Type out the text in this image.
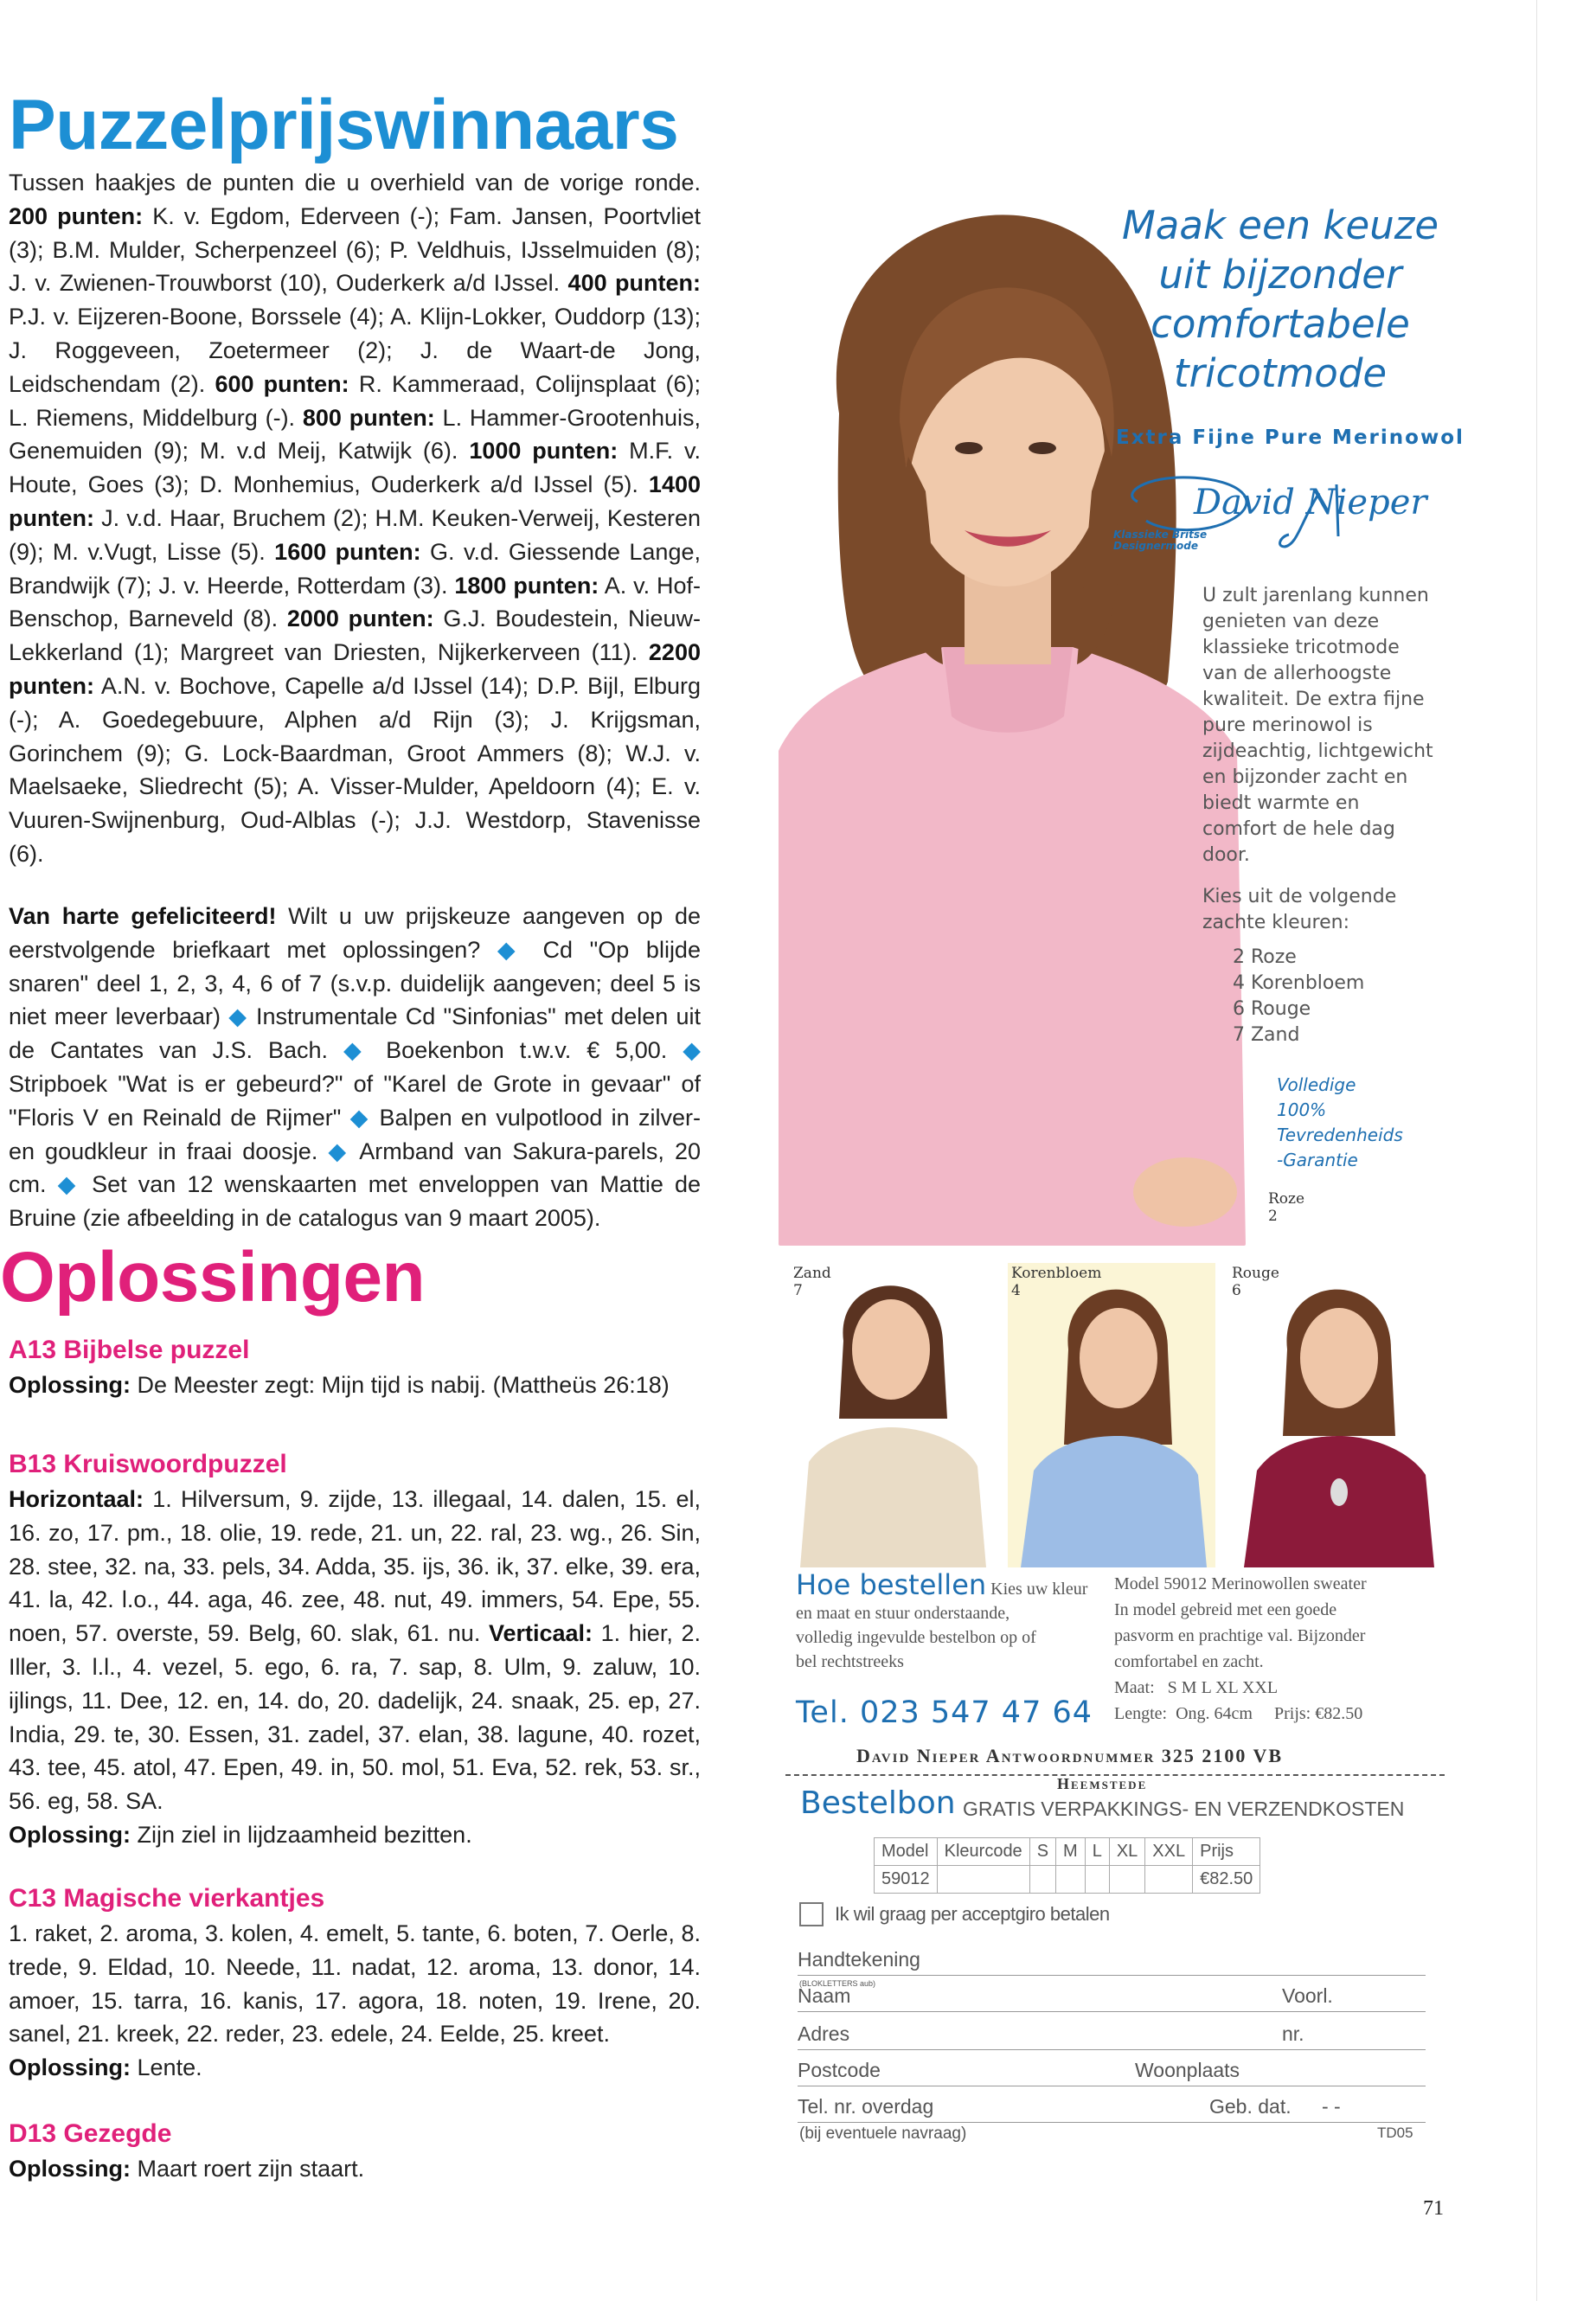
Puzzelprijswinnaars
Tussen haakjes de punten die u overhield van de vorige ronde. 200 punten: K. v. Egdom, Ederveen (-); Fam. Jansen, Poortvliet (3); B.M. Mulder, Scherpenzeel (6); P. Veldhuis, IJsselmuiden (8); J. v. Zwienen-Trouwborst (10), Ouderkerk a/d IJssel. 400 punten: P.J. v. Eijzeren-Boone, Borssele (4); A. Klijn-Lokker, Ouddorp (13); J. Roggeveen, Zoetermeer (2); J. de Waart-de Jong, Leidschendam (2). 600 punten: R. Kammeraad, Colijnsplaat (6); L. Riemens, Middelburg (-). 800 punten: L. Hammer-Grootenhuis, Genemuiden (9); M. v.d Meij, Katwijk (6). 1000 punten: M.F. v. Houte, Goes (3); D. Monhemius, Ouderkerk a/d IJssel (5). 1400 punten: J. v.d. Haar, Bruchem (2); H.M. Keuken-Verweij, Kesteren (9); M. v.Vugt, Lisse (5). 1600 punten: G. v.d. Giessende Lange, Brandwijk (7); J. v. Heerde, Rotterdam (3). 1800 punten: A. v. Hof-Benschop, Barneveld (8). 2000 punten: G.J. Boudestein, Nieuw-Lekkerland (1); Margreet van Driesten, Nijkerkerveen (11). 2200 punten: A.N. v. Bochove, Capelle a/d IJssel (14); D.P. Bijl, Elburg (-); A. Goedegebuure, Alphen a/d Rijn (3); J. Krijgsman, Gorinchem (9); G. Lock-Baardman, Groot Ammers (8); W.J. v. Maelsaeke, Sliedrecht (5); A. Visser-Mulder, Apeldoorn (4); E. v. Vuuren-Swijnenburg, Oud-Alblas (-); J.J. Westdorp, Stavenisse (6).
Van harte gefeliciteerd! Wilt u uw prijskeuze aangeven op de eerstvolgende briefkaart met oplossingen? ◆ Cd "Op blijde snaren" deel 1, 2, 3, 4, 6 of 7 (s.v.p. duidelijk aangeven; deel 5 is niet meer leverbaar) ◆ Instrumentale Cd "Sinfonias" met delen uit de Cantates van J.S. Bach. ◆ Boekenbon t.w.v. € 5,00. ◆ Stripboek "Wat is er gebeurd?" of "Karel de Grote in gevaar" of "Floris V en Reinald de Rijmer" ◆ Balpen en vulpotlood in zilver- en goudkleur in fraai doosje. ◆ Armband van Sakura-parels, 20 cm. ◆ Set van 12 wenskaarten met enveloppen van Mattie de Bruine (zie afbeelding in de catalogus van 9 maart 2005).
Oplossingen
A13 Bijbelse puzzel
Oplossing: De Meester zegt: Mijn tijd is nabij. (Mattheüs 26:18)
B13 Kruiswoordpuzzel
Horizontaal: 1. Hilversum, 9. zijde, 13. illegaal, 14. dalen, 15. el, 16. zo, 17. pm., 18. olie, 19. rede, 21. un, 22. ral, 23. wg., 26. Sin, 28. stee, 32. na, 33. pels, 34. Adda, 35. ijs, 36. ik, 37. elke, 39. era, 41. la, 42. l.o., 44. aga, 46. zee, 48. nut, 49. immers, 54. Epe, 55. noen, 57. overste, 59. Belg, 60. slak, 61. nu. Verticaal: 1. hier, 2. Iller, 3. l.l., 4. vezel, 5. ego, 6. ra, 7. sap, 8. Ulm, 9. zaluw, 10. ijlings, 11. Dee, 12. en, 14. do, 20. dadelijk, 24. snaak, 25. ep, 27. India, 29. te, 30. Essen, 31. zadel, 37. elan, 38. lagune, 40. rozet, 43. tee, 45. atol, 47. Epen, 49. in, 50. mol, 51. Eva, 52. rek, 53. sr., 56. eg, 58. SA.
Oplossing: Zijn ziel in lijdzaamheid bezitten.
C13 Magische vierkantjes
1. raket, 2. aroma, 3. kolen, 4. emelt, 5. tante, 6. boten, 7. Oerle, 8. trede, 9. Eldad, 10. Neede, 11. nadat, 12. aroma, 13. donor, 14. amoer, 15. tarra, 16. kanis, 17. agora, 18. noten, 19. Irene, 20. sanel, 21. kreek, 22. reder, 23. edele, 24. Eelde, 25. kreet.
Oplossing: Lente.
D13 Gezegde
Oplossing: Maart roert zijn staart.
Roze
2
Maak een keuze
uit bijzonder
comfortabele
tricotmode
Extra Fijne Pure Merinowol
David Nieper
Klassieke Britse
Designermode
U zult jarenlang kunnen
genieten van deze
klassieke tricotmode
van de allerhoogste
kwaliteit. De extra fijne
pure merinowol is
zijdeachtig, lichtgewicht
en bijzonder zacht en
biedt warmte en
comfort de hele dag
door.
Kies uit de volgende
zachte kleuren:
2 Roze
4 Korenbloem
6 Rouge
7 Zand
Volledige
100%
Tevredenheids
-Garantie
Zand
7
Korenbloem
4
Rouge
6
Hoe bestellen Kies uw kleur
en maat en stuur onderstaande,
volledig ingevulde bestelbon op of
bel rechtstreeks
Tel. 023 547 47 64
Model 59012 Merinowollen sweater
In model gebreid met een goede
pasvorm en prachtige val. Bijzonder
comfortabel en zacht.
Maat: S M L XL XXL
Lengte: Ong. 64cm Prijs: €82.50
David Nieper Antwoordnummer 325 2100 VB
Heemstede
Bestelbon GRATIS VERPAKKINGS- EN VERZENDKOSTEN
Model	Kleurcode	S	M	L	XL	XXL	Prijs
59012							€82.50
Ik wil graag per acceptgiro betalen
Handtekening
(BLOKLETTERS aub)
Naam	Voorl.
Adres	nr.
Postcode	Woonplaats
Tel. nr. overdag	Geb. dat. - -
(bij eventuele navraag)	TD05
71
